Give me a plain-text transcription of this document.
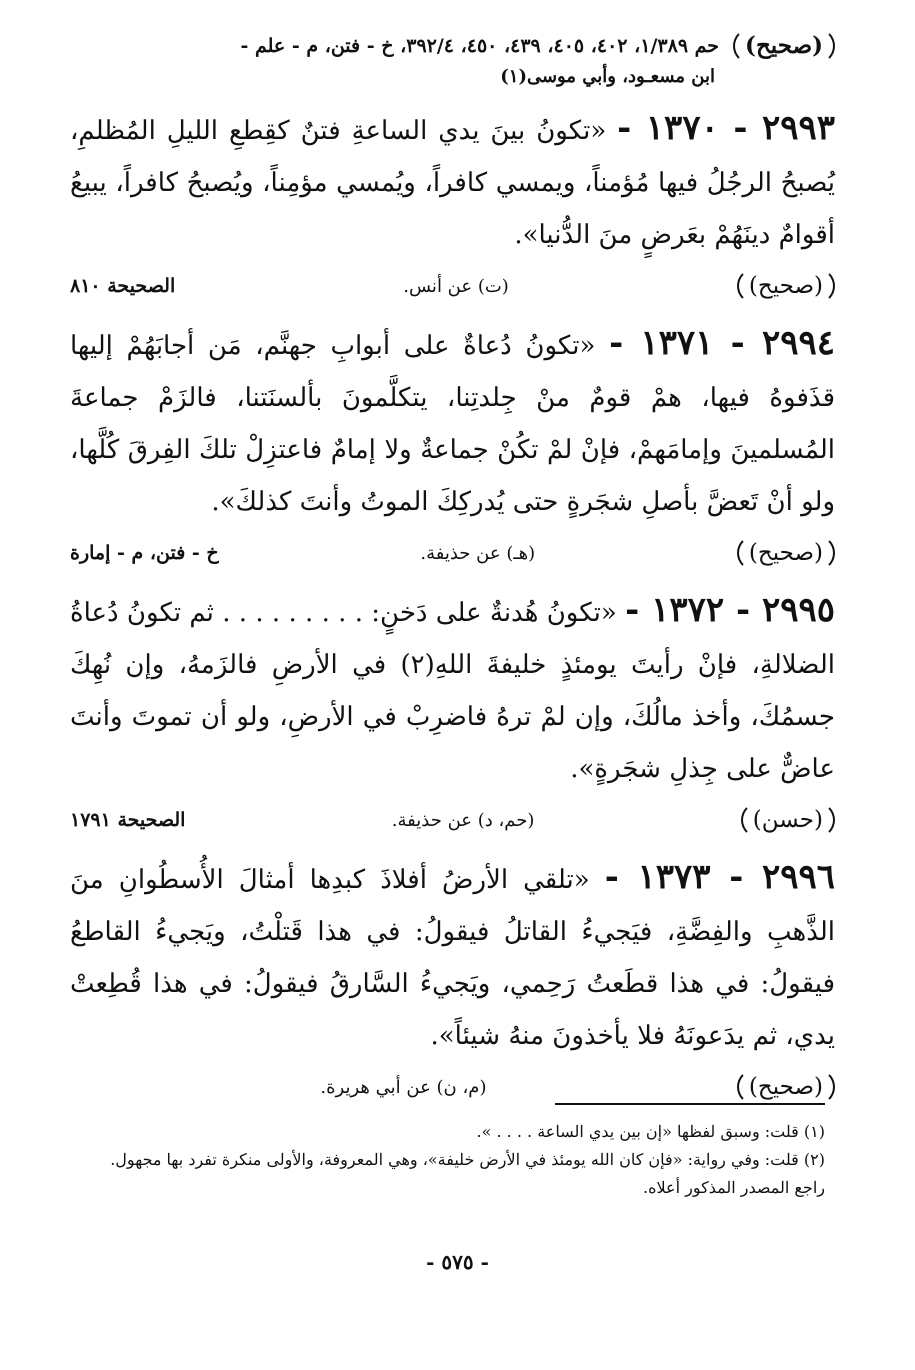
( صحيح )
حم ١/٣٨٩، ٤٠٢، ٤٠٥، ٤٣٩، ٤٥٠، ٣٩٢/٤، خ - فتن، م - علم -
ابن مسعـود، وأبي موسى(١)
٢٩٩٣ - ١٣٧٠ - «تكونُ بينَ يدي الساعةِ فتنٌ كقِطعِ الليلِ المُظلمِ، يُصبحُ الرجُلُ فيها مُؤمناً، ويمسي كافراً، ويُمسي مؤمِناً، ويُصبحُ كافراً، يبيعُ أقوامٌ دينَهُمْ بعَرضٍ منَ الدُّنيا».
( صحيح )
(ت) عن أنس.
الصحيحة ٨١٠
٢٩٩٤ - ١٣٧١ - «تكونُ دُعاةٌ على أبوابِ جهنَّم، مَن أجابَهُمْ إليها قذَفوهُ فيها، همْ قومٌ منْ جِلدتِنا، يتكلَّمونَ بألسنَتنا، فالزَمْ جماعةَ المُسلمينَ وإمامَهمْ، فإنْ لمْ تكُنْ جماعةٌ ولا إمامٌ فاعتزِلْ تلكَ الفِرقَ كُلَّها، ولو أنْ تَعضَّ بأصلِ شجَرةٍ حتى يُدركِكَ الموتُ وأنتَ كذلكَ».
( صحيح )
(هـ) عن حذيفة.
خ - فتن، م - إمارة
٢٩٩٥ - ١٣٧٢ - «تكونُ هُدنةٌ على دَخنٍ: . . . . . . . . . ثم تكونُ دُعاةُ الضلالةِ، فإنْ رأيتَ يومئذٍ خليفةَ اللهِ(٢) في الأرضِ فالزَمهُ، وإن نُهِكَ جسمُكَ، وأخذ مالُكَ، وإن لمْ ترهُ فاضرِبْ في الأرضِ، ولو أن تموتَ وأنتَ عاضٌّ على جِذلِ شجَرةٍ».
( حسن )
(حم، د) عن حذيفة.
الصحيحة ١٧٩١
٢٩٩٦ - ١٣٧٣ - «تلقي الأرضُ أفلاذَ كبدِها أمثالَ الأُسطُوانِ منَ الذَّهبِ والفِضَّةِ، فيَجيءُ القاتلُ فيقولُ: في هذا قَتلْتُ، ويَجيءُ القاطعُ فيقولُ: في هذا قطَعتُ رَحِمي، ويَجيءُ السَّارقُ فيقولُ: في هذا قُطِعتْ يدي، ثم يدَعونَهُ فلا يأخذونَ منهُ شيئاً».
( صحيح )
(م، ن) عن أبي هريرة.
(١) قلت: وسبق لفظها «إن بين يدي الساعة . . . . ».
(٢) قلت: وفي رواية: «فإن كان الله يومئذ في الأرض خليفة»، وهي المعروفة، والأولى منكرة تفرد بها مجهول. راجع المصدر المذكور أعلاه.
- ٥٧٥ -
